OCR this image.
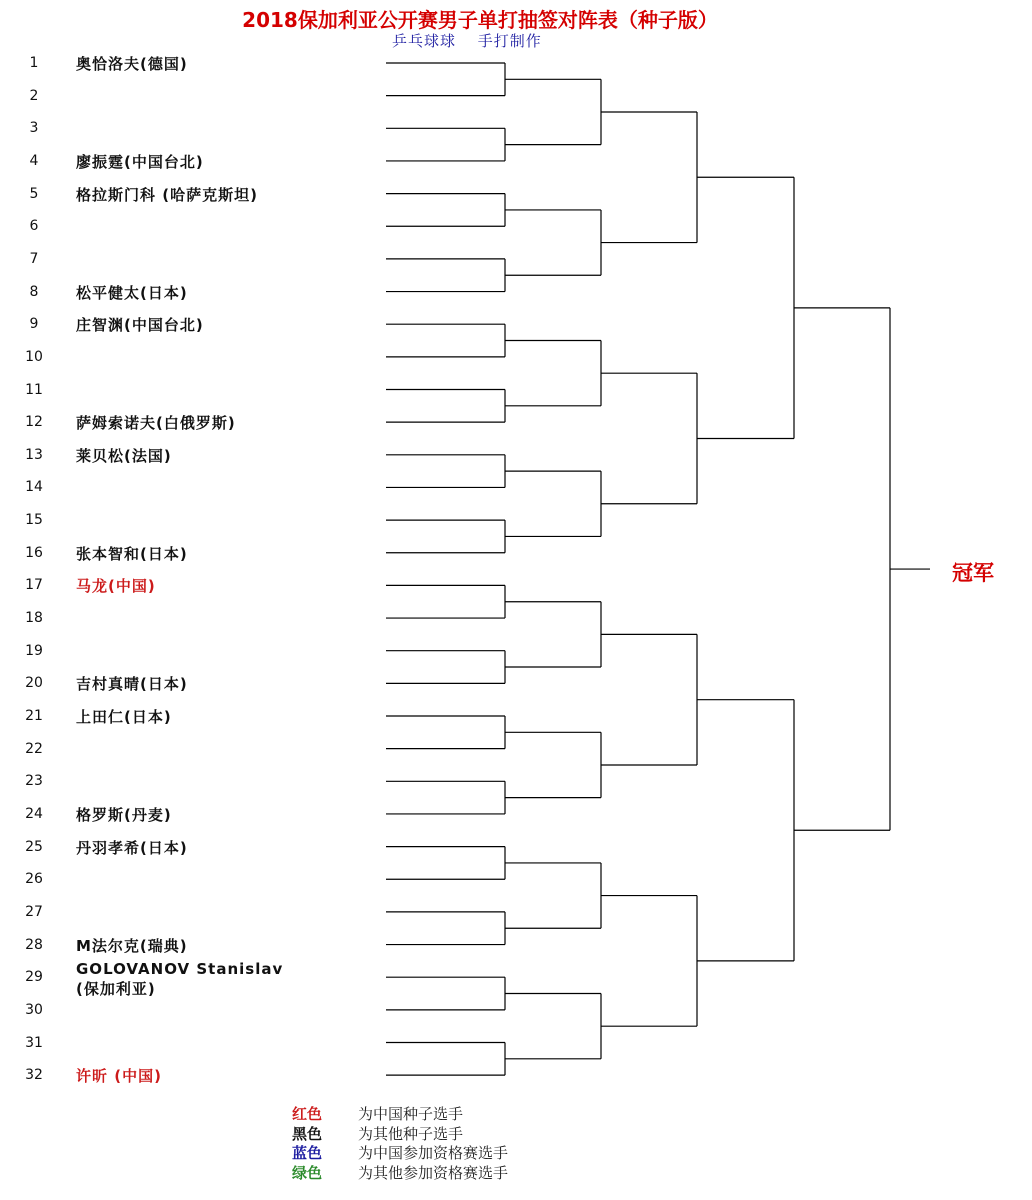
2018保加利亚公开赛男子单打抽签对阵表（种子版）
乒乓球球　 手打制作
1	奥恰洛夫(德国)
2
3
4	廖振霆(中国台北)
5	格拉斯门科 (哈萨克斯坦)
6
7
8	松平健太(日本)
9	庄智渊(中国台北)
10
11
12	萨姆索诺夫(白俄罗斯)
13	莱贝松(法国)
14
15
16	张本智和(日本)
17	马龙(中国)
18
19
20	吉村真晴(日本)
21	上田仁(日本)
22
23
24	格罗斯(丹麦)
25	丹羽孝希(日本)
26
27
28	M法尔克(瑞典)
29	GOLOVANOV Stanislav
(保加利亚)
30
31
32	许昕 (中国)
冠军
红色 为中国种子选手
黑色 为其他种子选手
蓝色 为中国参加资格赛选手
绿色 为其他参加资格赛选手
